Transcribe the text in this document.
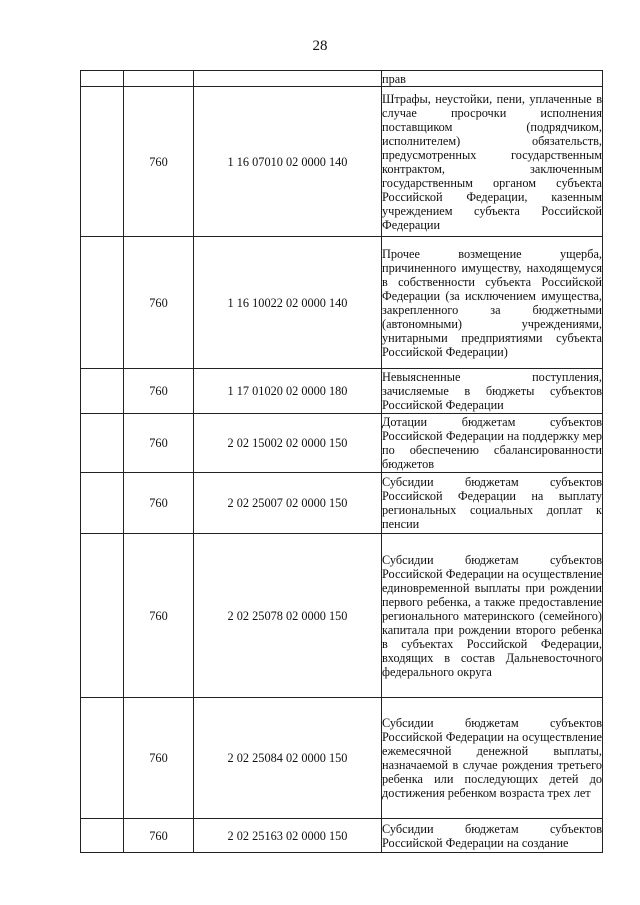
28

			прав

	760	1 16 07010 02 0000 140	Штрафы, неустойки, пени, уплаченные в случае просрочки исполнения поставщиком (подрядчиком, исполнителем) обязательств, предусмотренных государственным контрактом, заключенным государственным органом субъекта Российской Федерации, казенным учреждением субъекта Российской Федерации

	760	1 16 10022 02 0000 140	Прочее возмещение ущерба, причиненного имуществу, находящемуся в собственности субъекта Российской Федерации (за исключением имущества, закрепленного за бюджетными (автономными) учреждениями, унитарными предприятиями субъекта Российской Федерации)

	760	1 17 01020 02 0000 180	Невыясненные поступления, зачисляемые в бюджеты субъектов Российской Федерации

	760	2 02 15002 02 0000 150	Дотации бюджетам субъектов Российской Федерации на поддержку мер по обеспечению сбалансированности бюджетов

	760	2 02 25007 02 0000 150	Субсидии бюджетам субъектов Российской Федерации на выплату региональных социальных доплат к пенсии

	760	2 02 25078 02 0000 150	Субсидии бюджетам субъектов Российской Федерации на осуществление единовременной выплаты при рождении первого ребенка, а также предоставление регионального материнского (семейного) капитала при рождении второго ребенка в субъектах Российской Федерации, входящих в состав Дальневосточного федерального округа

	760	2 02 25084 02 0000 150	Субсидии бюджетам субъектов Российской Федерации на осуществление ежемесячной денежной выплаты, назначаемой в случае рождения третьего ребенка или последующих детей до достижения ребенком возраста трех лет

	760	2 02 25163 02 0000 150	Субсидии бюджетам субъектов Российской Федерации на создание
